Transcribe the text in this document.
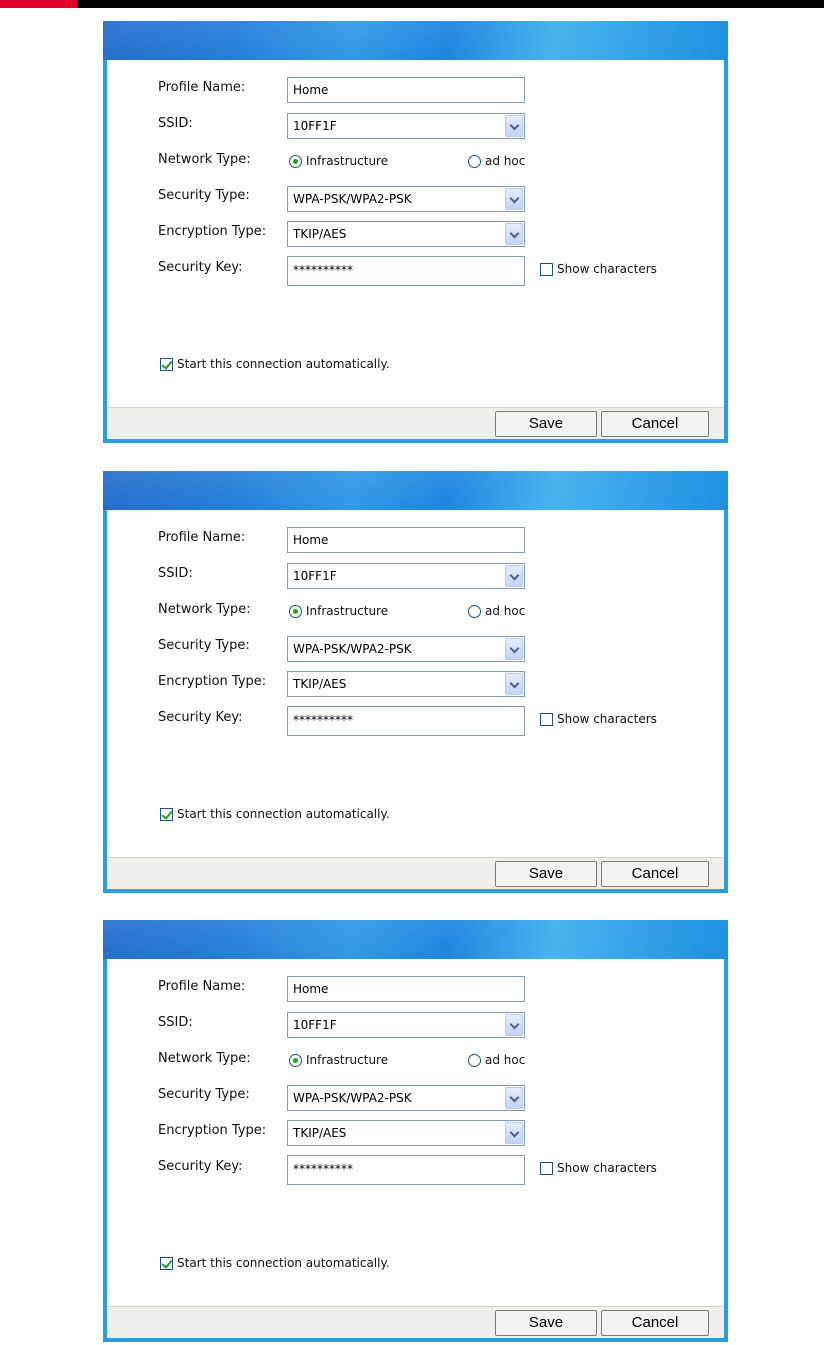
Profile Name:	Home
SSID:	10FF1F
Network Type:	Infrastructure	ad hoc
Security Type:	WPA-PSK/WPA2-PSK
Encryption Type:	TKIP/AES
Security Key:	**********	Show characters
Start this connection automatically.
Save	Cancel
Profile Name:	Home
SSID:	10FF1F
Network Type:	Infrastructure	ad hoc
Security Type:	WPA-PSK/WPA2-PSK
Encryption Type:	TKIP/AES
Security Key:	**********	Show characters
Start this connection automatically.
Save	Cancel
Profile Name:	Home
SSID:	10FF1F
Network Type:	Infrastructure	ad hoc
Security Type:	WPA-PSK/WPA2-PSK
Encryption Type:	TKIP/AES
Security Key:	**********	Show characters
Start this connection automatically.
Save	Cancel
